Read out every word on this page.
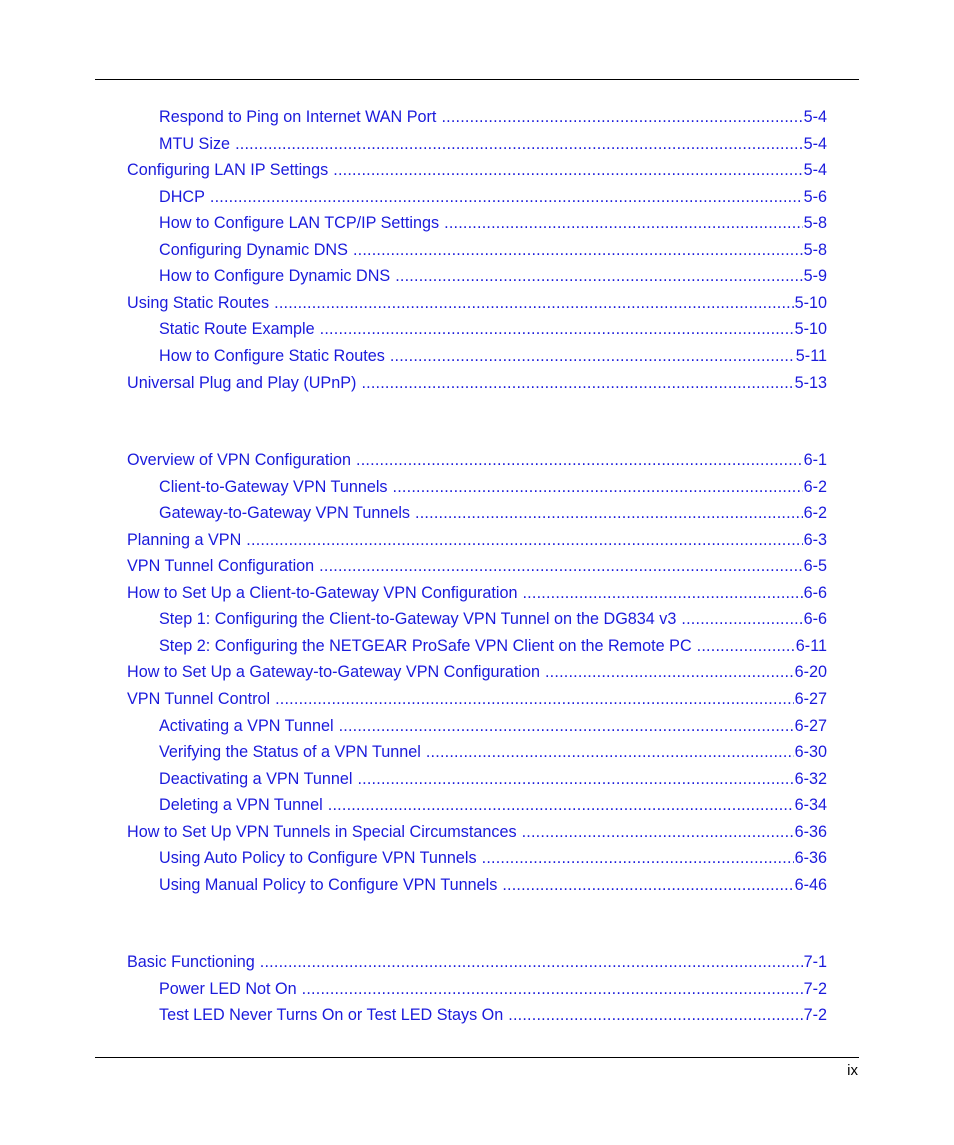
Respond to Ping on Internet WAN Port .....	5-4
MTU Size .....	5-4
Configuring LAN IP Settings .....	5-4
DHCP .....	5-6
How to Configure LAN TCP/IP Settings .....	5-8
Configuring Dynamic DNS .....	5-8
How to Configure Dynamic DNS .....	5-9
Using Static Routes .....	5-10
Static Route Example .....	5-10
How to Configure Static Routes .....	5-11
Universal Plug and Play (UPnP) .....	5-13
Overview of VPN Configuration .....	6-1
Client-to-Gateway VPN Tunnels .....	6-2
Gateway-to-Gateway VPN Tunnels .....	6-2
Planning a VPN .....	6-3
VPN Tunnel Configuration .....	6-5
How to Set Up a Client-to-Gateway VPN Configuration .....	6-6
Step 1: Configuring the Client-to-Gateway VPN Tunnel on the DG834 v3 .....	6-6
Step 2: Configuring the NETGEAR ProSafe VPN Client on the Remote PC .....	6-11
How to Set Up a Gateway-to-Gateway VPN Configuration .....	6-20
VPN Tunnel Control .....	6-27
Activating a VPN Tunnel .....	6-27
Verifying the Status of a VPN Tunnel .....	6-30
Deactivating a VPN Tunnel .....	6-32
Deleting a VPN Tunnel .....	6-34
How to Set Up VPN Tunnels in Special Circumstances .....	6-36
Using Auto Policy to Configure VPN Tunnels .....	6-36
Using Manual Policy to Configure VPN Tunnels .....	6-46
Basic Functioning .....	7-1
Power LED Not On .....	7-2
Test LED Never Turns On or Test LED Stays On .....	7-2
ix
